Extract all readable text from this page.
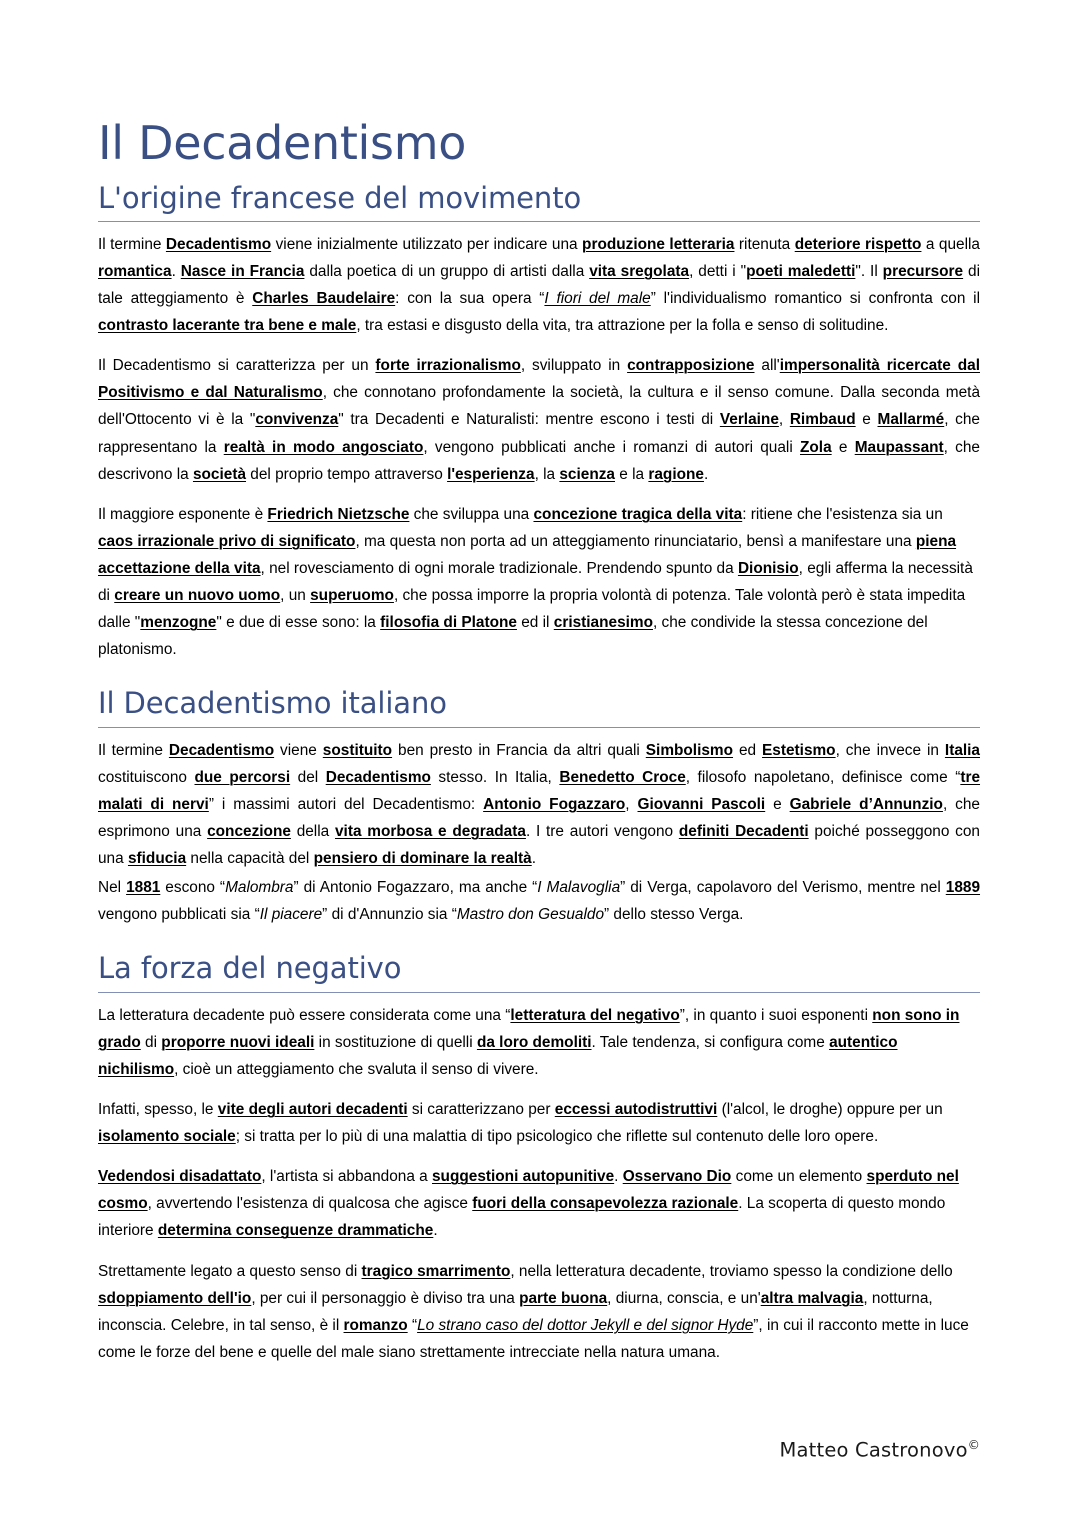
Il Decadentismo
L'origine francese del movimento

Il termine Decadentismo viene inizialmente utilizzato per indicare una produzione letteraria ritenuta deteriore rispetto a quella romantica. Nasce in Francia dalla poetica di un gruppo di artisti dalla vita sregolata, detti i "poeti maledetti". Il precursore di tale atteggiamento è Charles Baudelaire: con la sua opera “I fiori del male” l'individualismo romantico si confronta con il contrasto lacerante tra bene e male, tra estasi e disgusto della vita, tra attrazione per la folla e senso di solitudine.

Il Decadentismo si caratterizza per un forte irrazionalismo, sviluppato in contrapposizione all'impersonalità ricercate dal Positivismo e dal Naturalismo, che connotano profondamente la società, la cultura e il senso comune. Dalla seconda metà dell'Ottocento vi è la "convivenza" tra Decadenti e Naturalisti: mentre escono i testi di Verlaine, Rimbaud e Mallarmé, che rappresentano la realtà in modo angosciato, vengono pubblicati anche i romanzi di autori quali Zola e Maupassant, che descrivono la società del proprio tempo attraverso l'esperienza, la scienza e la ragione.

Il maggiore esponente è Friedrich Nietzsche che sviluppa una concezione tragica della vita: ritiene che l'esistenza sia un caos irrazionale privo di significato, ma questa non porta ad un atteggiamento rinunciatario, bensì a manifestare una piena accettazione della vita, nel rovesciamento di ogni morale tradizionale. Prendendo spunto da Dionisio, egli afferma la necessità di creare un nuovo uomo, un superuomo, che possa imporre la propria volontà di potenza. Tale volontà però è stata impedita dalle "menzogne" e due di esse sono: la filosofia di Platone ed il cristianesimo, che condivide la stessa concezione del platonismo.

Il Decadentismo italiano

Il termine Decadentismo viene sostituito ben presto in Francia da altri quali Simbolismo ed Estetismo, che invece in Italia costituiscono due percorsi del Decadentismo stesso. In Italia, Benedetto Croce, filosofo napoletano, definisce come “tre malati di nervi” i massimi autori del Decadentismo: Antonio Fogazzaro, Giovanni Pascoli e Gabriele d’Annunzio, che esprimono una concezione della vita morbosa e degradata. I tre autori vengono definiti Decadenti poiché posseggono con una sfiducia nella capacità del pensiero di dominare la realtà.

Nel 1881 escono “Malombra” di Antonio Fogazzaro, ma anche “I Malavoglia” di Verga, capolavoro del Verismo, mentre nel 1889 vengono pubblicati sia “Il piacere” di d'Annunzio sia “Mastro don Gesualdo” dello stesso Verga.

La forza del negativo

La letteratura decadente può essere considerata come una “letteratura del negativo”, in quanto i suoi esponenti non sono in grado di proporre nuovi ideali in sostituzione di quelli da loro demoliti. Tale tendenza, si configura come autentico nichilismo, cioè un atteggiamento che svaluta il senso di vivere.

Infatti, spesso, le vite degli autori decadenti si caratterizzano per eccessi autodistruttivi (l'alcol, le droghe) oppure per un isolamento sociale; si tratta per lo più di una malattia di tipo psicologico che riflette sul contenuto delle loro opere.

Vedendosi disadattato, l'artista si abbandona a suggestioni autopunitive. Osservano Dio come un elemento sperduto nel cosmo, avvertendo l'esistenza di qualcosa che agisce fuori della consapevolezza razionale. La scoperta di questo mondo interiore determina conseguenze drammatiche.

Strettamente legato a questo senso di tragico smarrimento, nella letteratura decadente, troviamo spesso la condizione dello sdoppiamento dell'io, per cui il personaggio è diviso tra una parte buona, diurna, conscia, e un'altra malvagia, notturna, inconscia. Celebre, in tal senso, è il romanzo “Lo strano caso del dottor Jekyll e del signor Hyde”, in cui il racconto mette in luce come le forze del bene e quelle del male siano strettamente intrecciate nella natura umana.

Matteo Castronovo©
